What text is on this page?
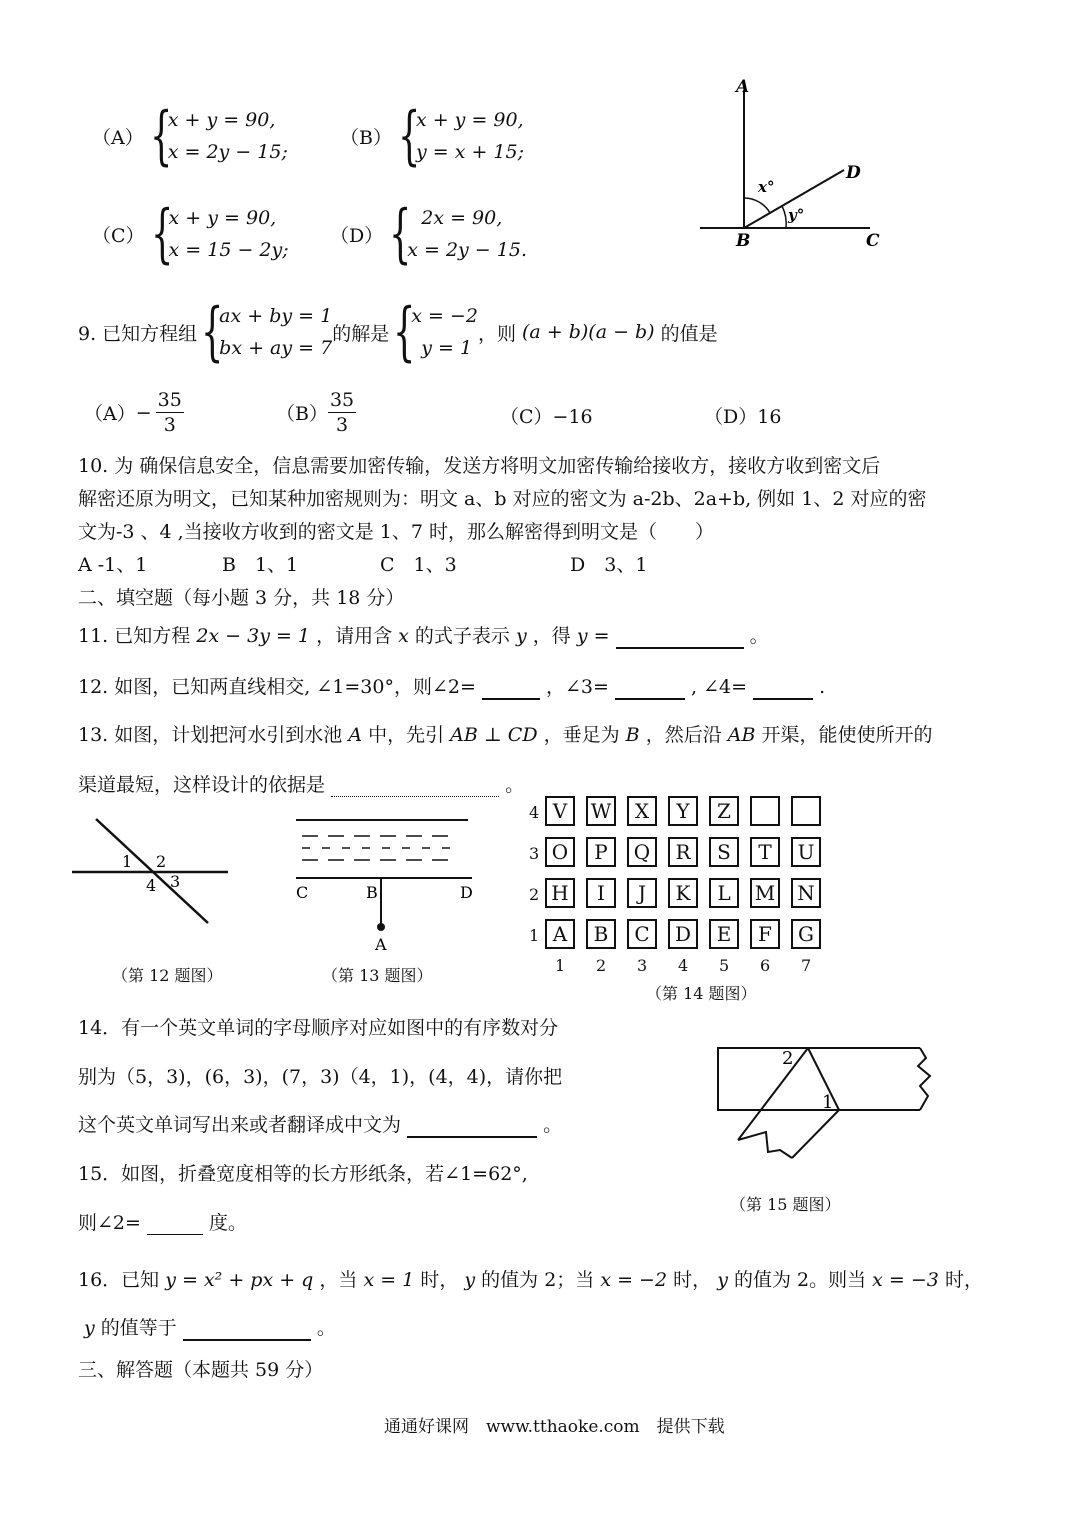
（A） {
x + y = 90,
x = 2y − 15;
（B） {
x + y = 90,
y = x + 15;
（C） {
x + y = 90,
x = 15 − 2y;
（D） { 2x = 90,
x = 2y − 15.
A
B	C
D
x°
y°
9. 已知方程组 {
ax + by = 1
bx + ay = 7
的解是 {
x = −2
y = 1
，则 (a + b)(a − b) 的值是
$(A) - \frac{35}{3}$	$(B) \frac{35}{3}$	（C）−16	（D）16
10. 为 确保信息安全，信息需要加密传输，发送方将明文加密传输给接收方，接收方收到密文后
解密还原为明文，已知某种加密规则为：明文 a、b 对应的密文为 a-2b、2a+b, 例如 1、2 对应的密
文为-3 、4 ,当接收方收到的密文是 1、7 时，那么解密得到明文是（　　）
A -1、1	B　1、1	C　1、3	D　3、1
二、填空题（每小题 3 分，共 18 分）
11. 已知方程 2x − 3y = 1 ，请用含 x 的式子表示 y ，得 y =	。
12. 如图，已知两直线相交, ∠1=30°，则∠2=	，∠3=	, ∠4=	.
13. 如图，计划把河水引到水池 A 中，先引 AB ⊥ CD ，垂足为 B ，然后沿 AB 开渠，能使使所开的
渠道最短，这样设计的依据是	。
1 2
3
4
（第 12 题图）
C	B	D
A
（第 13 题图）
4 V	W	X	Y	Z
3 O	P	Q	R	S	T	U
2 H	I	J	K	L	M	N
1 A	B	C	D	E	F	G
1 2 3 4 5 6 7
（第 14 题图）
14．有一个英文单词的字母顺序对应如图中的有序数对分
别为（5，3)，(6，3)，(7，3)（4，1)，(4，4)，请你把
这个英文单词写出来或者翻译成中文为	。
15．如图，折叠宽度相等的长方形纸条，若∠1=62°,
则∠2=	度。
2
1
（第 15 题图）
16．已知 y = x² + px + q ，当 x = 1 时， y 的值为 2；当 x = −2 时， y 的值为 2。则当 x = −3 时，
y 的值等于	。
三、解答题（本题共 59 分）
通通好课网　www.tthaoke.com　提供下载
